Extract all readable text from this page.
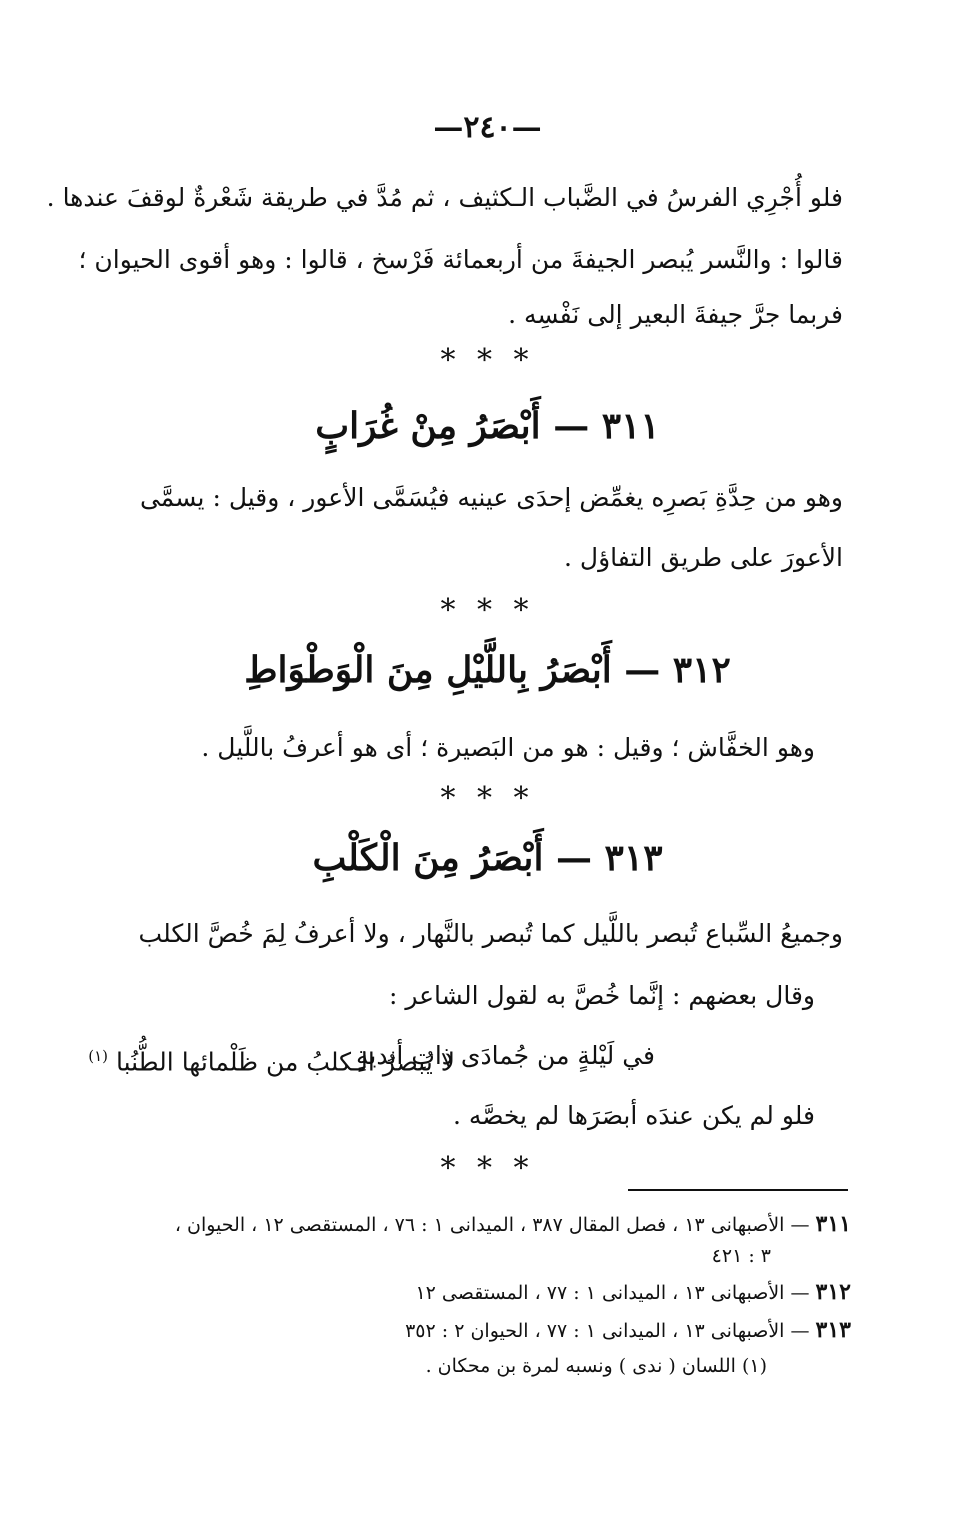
—٢٤٠—
فلو أُجْرِي الفرسُ في الضَّباب الـكثيف ، ثم مُدَّ في طريقة شَعْرةٌ لوقفَ عندها .
قالوا : والنَّسر يُبصر الجيفةَ من أربعمائة فَرْسخ ، قالوا : وهو أقوى الحيوان ؛
فربما جرَّ جيفةَ البعير إلى نَفْسِه .
* * *
٣١١ — أَبْصَرُ مِنْ غُرَابٍ
وهو من حِدَّةِ بَصرِه يغمِّض إحدَى عينيه فيُسَمَّى الأعور ، وقيل : يسمَّى
الأعورَ على طريق التفاؤل .
* * *
٣١٢ — أَبْصَرُ بِاللَّيْلِ مِنَ الْوَطْوَاطِ
وهو الخفَّاش ؛ وقيل : هو من البَصيرة ؛ أى هو أعرفُ باللَّيل .
* * *
٣١٣ — أَبْصَرُ مِنَ الْكَلْبِ
وجميعُ السِّباع تُبصر باللَّيل كما تُبصر بالنَّهار ، ولا أعرفُ لِمَ خُصَّ الكلب
وقال بعضهم : إنَّما خُصَّ به لقول الشاعر :
في لَيْلةٍ من جُمادَى ذاتِ أنديةٍ
لا يُبصرُ الـكلبُ من ظَلْمائها الطُّنُبا $^{(١)}$
فلو لم يكن عندَه أبصَرَها لم يخصَّه .
* * *
٣١١ — الأصبهانى ١٣ ، فصل المقال ٣٨٧ ، الميدانى ١ : ٧٦ ، المستقصى ١٢ ، الحيوان ،
٣ : ٤٢١
٣١٢ — الأصبهانى ١٣ ، الميدانى ١ : ٧٧ ، المستقصى ١٢
٣١٣ — الأصبهانى ١٣ ، الميدانى ١ : ٧٧ ، الحيوان ٢ : ٣٥٢
(١) اللسان ( ندى ) ونسبه لمرة بن محكان .
